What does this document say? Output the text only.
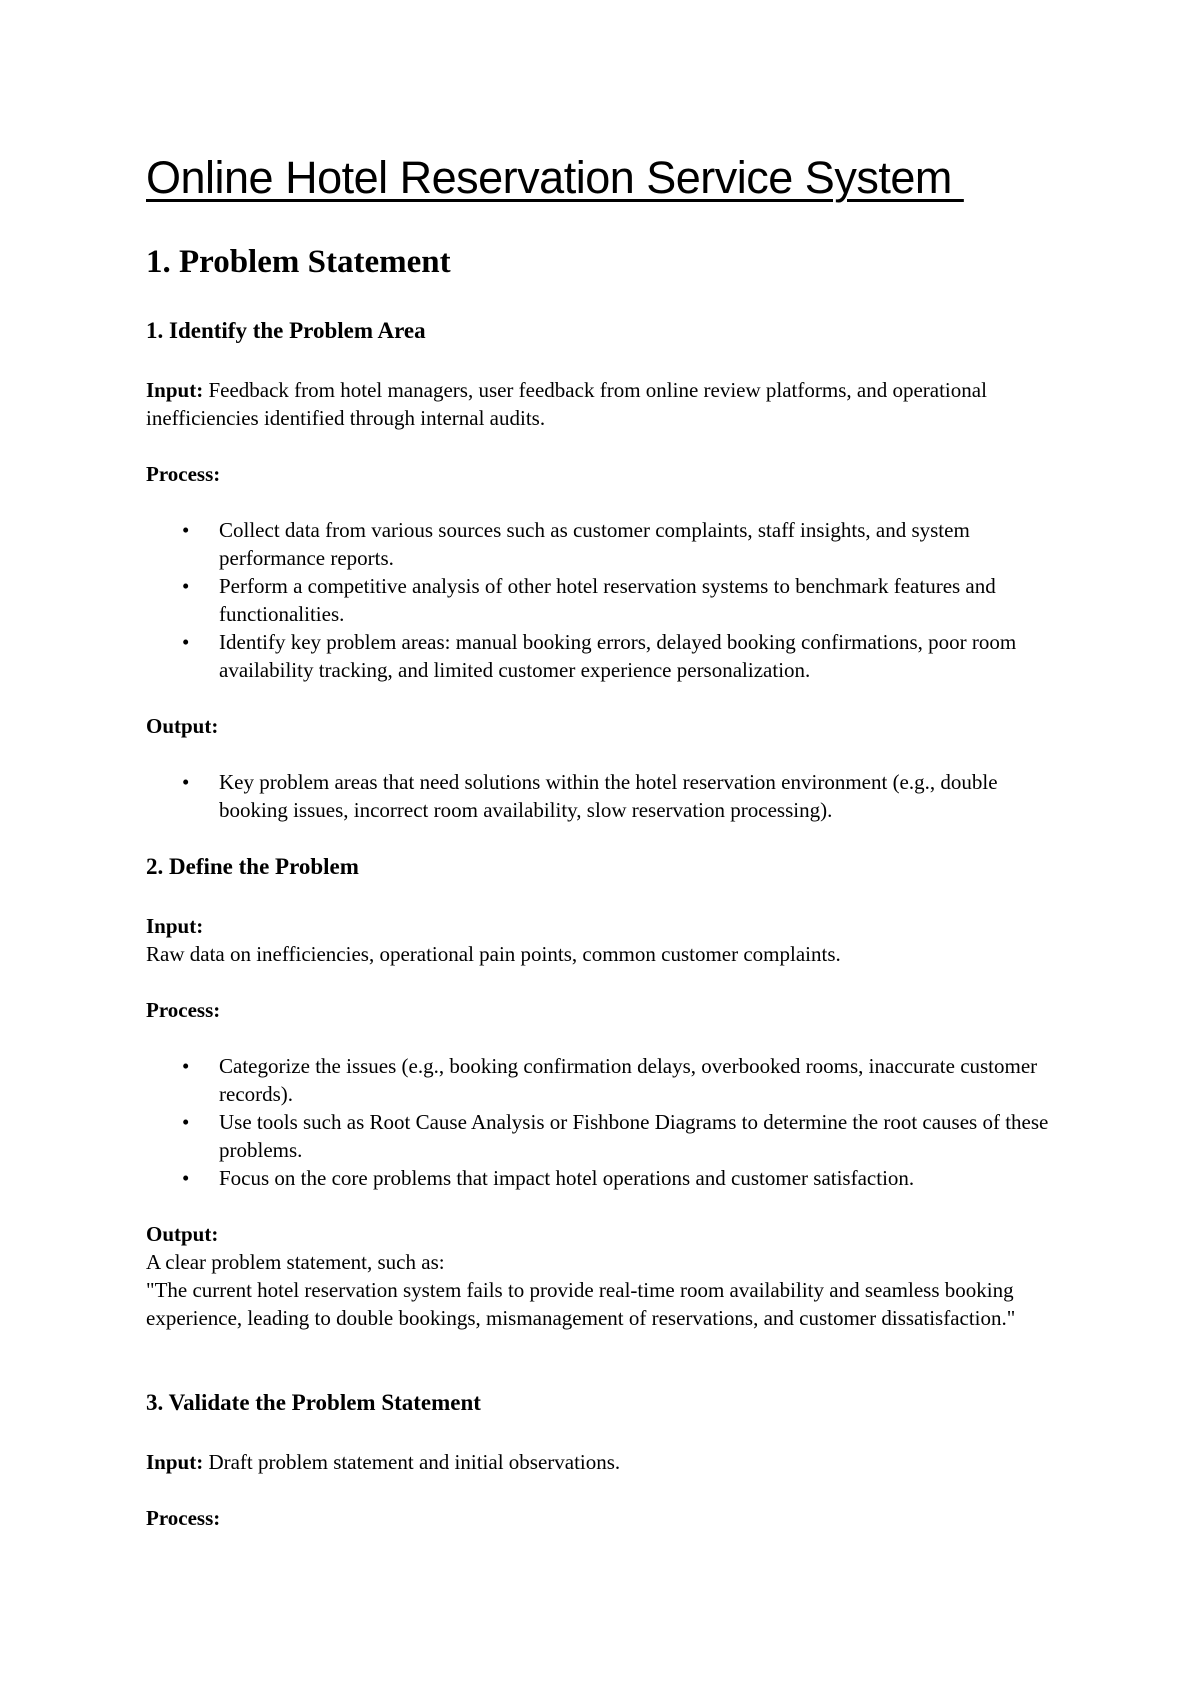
Online Hotel Reservation Service System
1. Problem Statement
1. Identify the Problem Area

Input: Feedback from hotel managers, user feedback from online review platforms, and operational inefficiencies identified through internal audits.

Process:

• Collect data from various sources such as customer complaints, staff insights, and system performance reports.
• Perform a competitive analysis of other hotel reservation systems to benchmark features and functionalities.
• Identify key problem areas: manual booking errors, delayed booking confirmations, poor room availability tracking, and limited customer experience personalization.

Output:

• Key problem areas that need solutions within the hotel reservation environment (e.g., double booking issues, incorrect room availability, slow reservation processing).
2. Define the Problem

Input:

Raw data on inefficiencies, operational pain points, common customer complaints.

Process:

• Categorize the issues (e.g., booking confirmation delays, overbooked rooms, inaccurate customer records).
• Use tools such as Root Cause Analysis or Fishbone Diagrams to determine the root causes of these problems.
• Focus on the core problems that impact hotel operations and customer satisfaction.

Output:

A clear problem statement, such as:

"The current hotel reservation system fails to provide real-time room availability and seamless booking experience, leading to double bookings, mismanagement of reservations, and customer dissatisfaction."

3. Validate the Problem Statement

Input: Draft problem statement and initial observations.

Process:
